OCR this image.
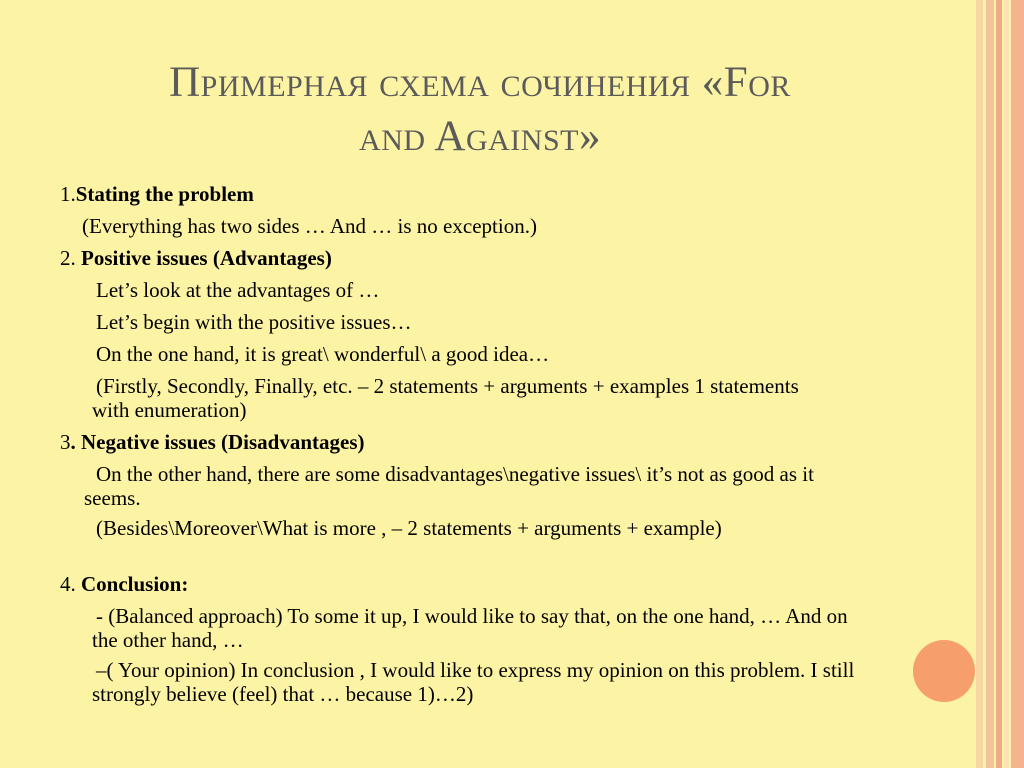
Примерная схема сочинения «For
and Against»
1.Stating the problem
(Everything has two sides … And … is no exception.)
2. Positive issues (Advantages)
Let’s look at the advantages of …
Let’s begin with the positive issues…
On the one hand, it is great\ wonderful\ a good idea…
(Firstly, Secondly, Finally, etc. – 2 statements + arguments + examples 1 statements with enumeration)
3. Negative issues (Disadvantages)
On the other hand, there are some disadvantages\negative issues\ it’s not as good as it seems.
(Besides\Moreover\What is more , – 2 statements + arguments + example)
4. Conclusion:
- (Balanced approach) To some it up, I would like to say that, on the one hand, … And on the other hand, …
–( Your opinion) In conclusion , I would like to express my opinion on this problem. I still strongly believe (feel) that … because 1)…2)
